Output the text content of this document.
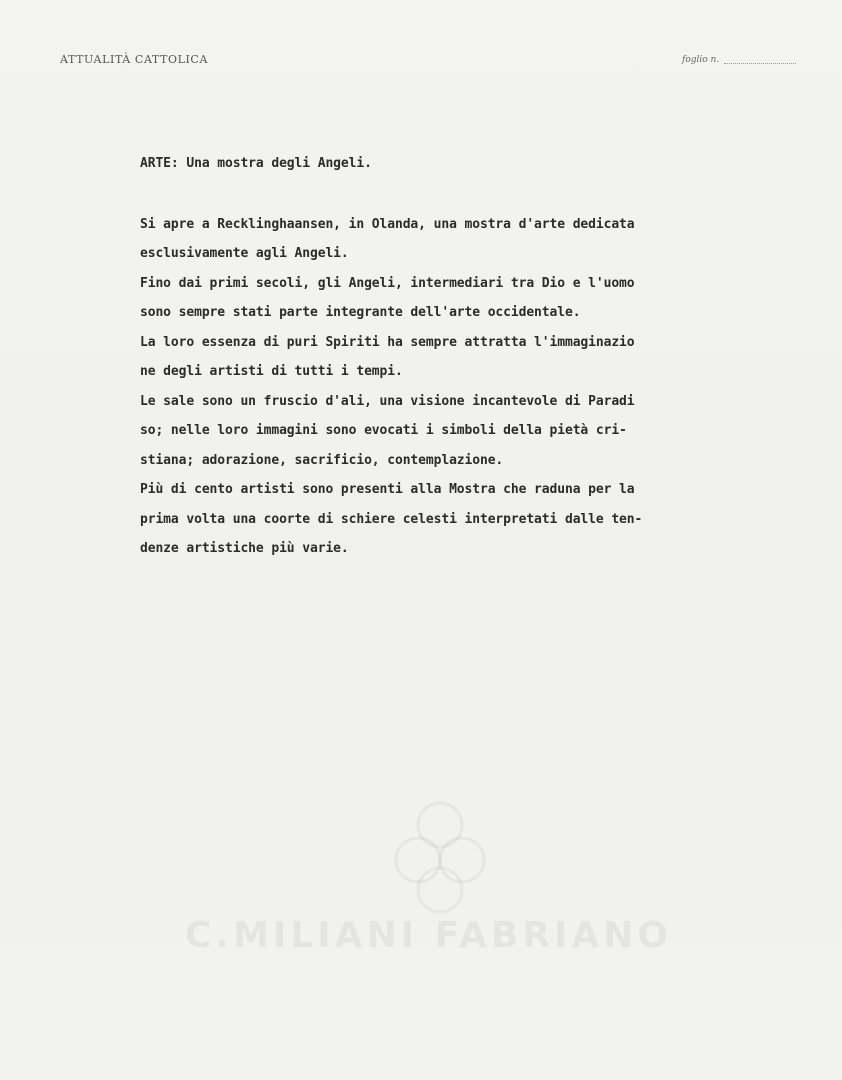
ATTUALITÀ CATTOLICA	foglio n.
ARTE: Una mostra degli Angeli.
Si apre a Recklinghaansen, in Olanda, una mostra d'arte dedicata
esclusivamente agli Angeli.
Fino dai primi secoli, gli Angeli, intermediari tra Dio e l'uomo
sono sempre stati parte integrante dell'arte occidentale.
La loro essenza di puri Spiriti ha sempre attratta l'immaginazio
ne degli artisti di tutti i tempi.
Le sale sono un fruscio d'ali, una visione incantevole di Paradi
so; nelle loro immagini sono evocati i simboli della pietà cri-
stiana; adorazione, sacrificio, contemplazione.
Più di cento artisti sono presenti alla Mostra che raduna per la
prima volta una coorte di schiere celesti interpretati dalle ten-
denze artistiche più varie.
C.MILIANI FABRIANO
